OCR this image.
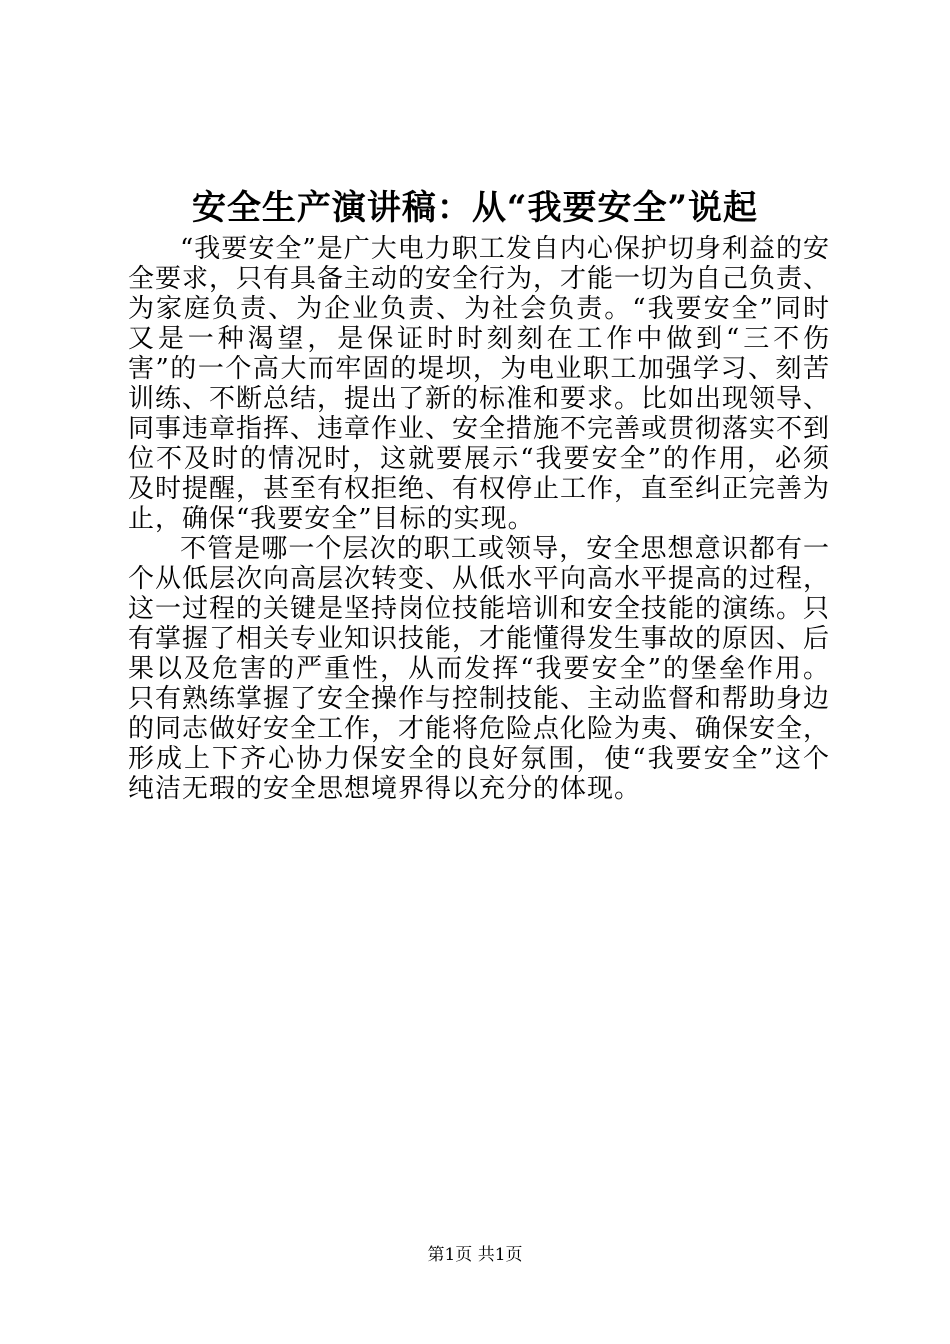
安全生产演讲稿：从“我要安全”说起

“我要安全”是广大电力职工发自内心保护切身利益的安全要求，只有具备主动的安全行为，才能一切为自己负责、为家庭负责、为企业负责、为社会负责。“我要安全”同时又是一种渴望，是保证时时刻刻在工作中做到“三不伤害”的一个高大而牢固的堤坝，为电业职工加强学习、刻苦训练、不断总结，提出了新的标准和要求。比如出现领导、同事违章指挥、违章作业、安全措施不完善或贯彻落实不到位不及时的情况时，这就要展示“我要安全”的作用，必须及时提醒，甚至有权拒绝、有权停止工作，直至纠正完善为止，确保“我要安全”目标的实现。

不管是哪一个层次的职工或领导，安全思想意识都有一个从低层次向高层次转变、从低水平向高水平提高的过程，这一过程的关键是坚持岗位技能培训和安全技能的演练。只有掌握了相关专业知识技能，才能懂得发生事故的原因、后果以及危害的严重性，从而发挥“我要安全”的堡垒作用。只有熟练掌握了安全操作与控制技能、主动监督和帮助身边的同志做好安全工作，才能将危险点化险为夷、确保安全，形成上下齐心协力保安全的良好氛围，使“我要安全”这个纯洁无瑕的安全思想境界得以充分的体现。

第1页 共1页
